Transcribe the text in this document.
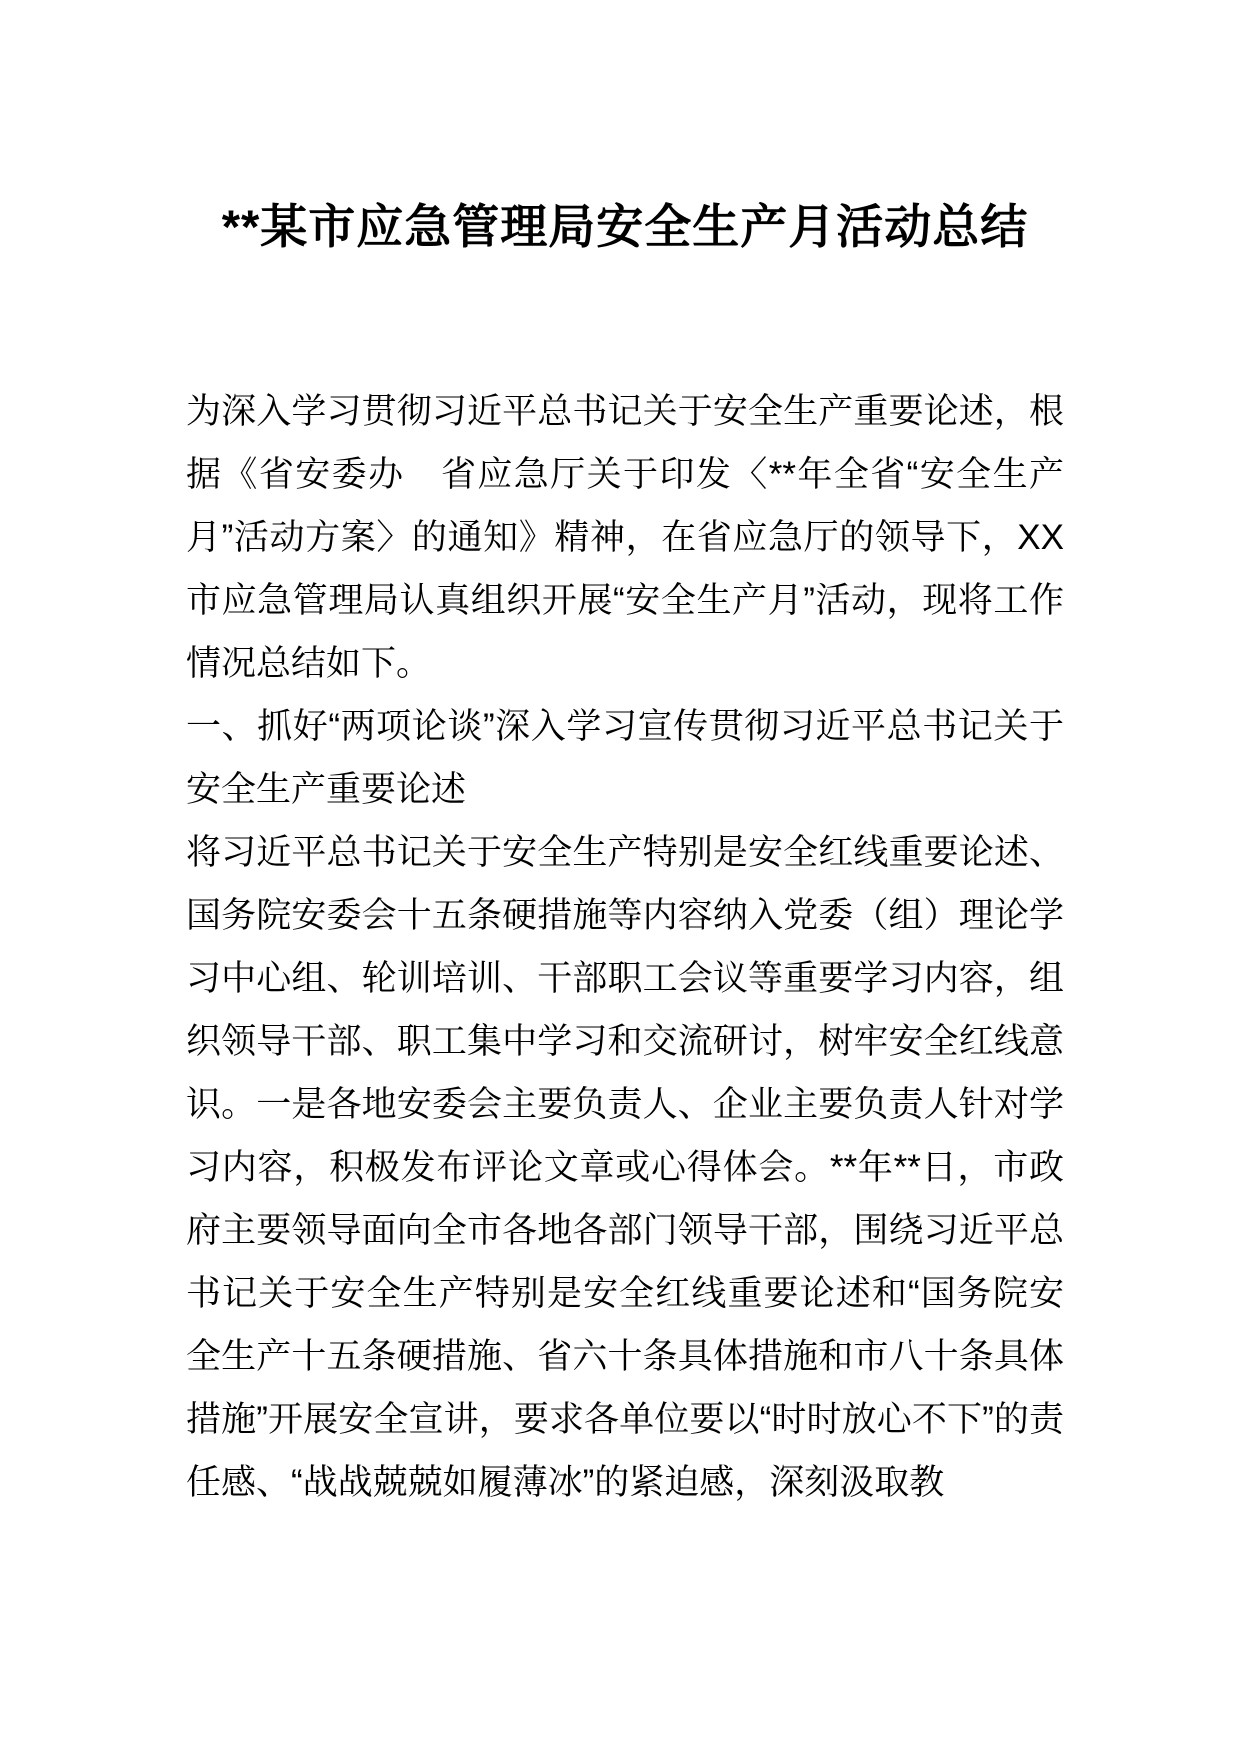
**某市应急管理局安全生产月活动总结

为深入学习贯彻习近平总书记关于安全生产重要论述，根据《省安委办　省应急厅关于印发〈**年全省“安全生产月”活动方案〉的通知》精神，在省应急厅的领导下，XX市应急管理局认真组织开展“安全生产月”活动，现将工作情况总结如下。

一、抓好“两项论谈”深入学习宣传贯彻习近平总书记关于安全生产重要论述

将习近平总书记关于安全生产特别是安全红线重要论述、国务院安委会十五条硬措施等内容纳入党委（组）理论学习中心组、轮训培训、干部职工会议等重要学习内容，组织领导干部、职工集中学习和交流研讨，树牢安全红线意识。一是各地安委会主要负责人、企业主要负责人针对学习内容，积极发布评论文章或心得体会。**年**日，市政府主要领导面向全市各地各部门领导干部，围绕习近平总书记关于安全生产特别是安全红线重要论述和“国务院安全生产十五条硬措施、省六十条具体措施和市八十条具体措施”开展安全宣讲，要求各单位要以“时时放心不下”的责任感、“战战兢兢如履薄冰”的紧迫感，深刻汲取教
